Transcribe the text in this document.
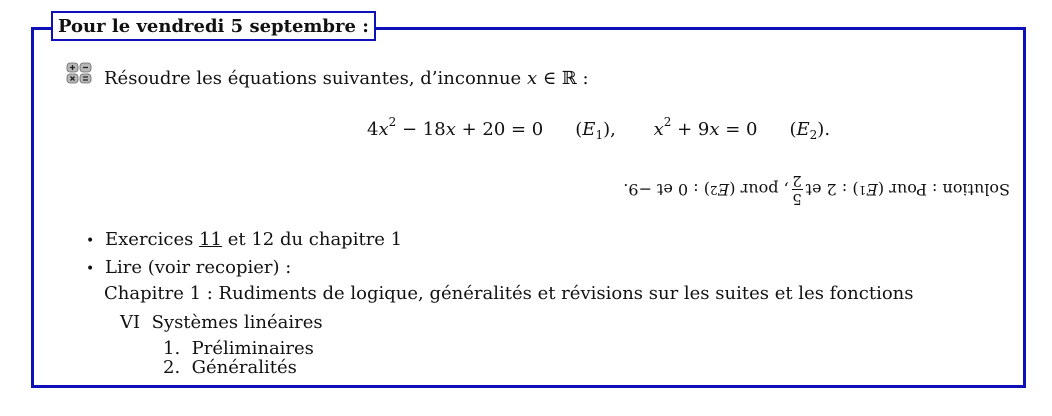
Pour le vendredi 5 septembre :
Résoudre les équations suivantes, d’inconnue x ∈ ℝ :
$4x^2 - 18x + 20 = 0$ $(E_1)$, $x^2 + 9x = 0$ $(E_2)$.
Solution : Pour (
E
1
) : 2 et
5
2
, pour (
E
2
) : 0 et −9.
• Exercices 11 et 12 du chapitre 1
• Lire (voir recopier) :
Chapitre 1 : Rudiments de logique, généralités et révisions sur les suites et les fonctions
VI Systèmes linéaires
1. Préliminaires
2. Généralités
